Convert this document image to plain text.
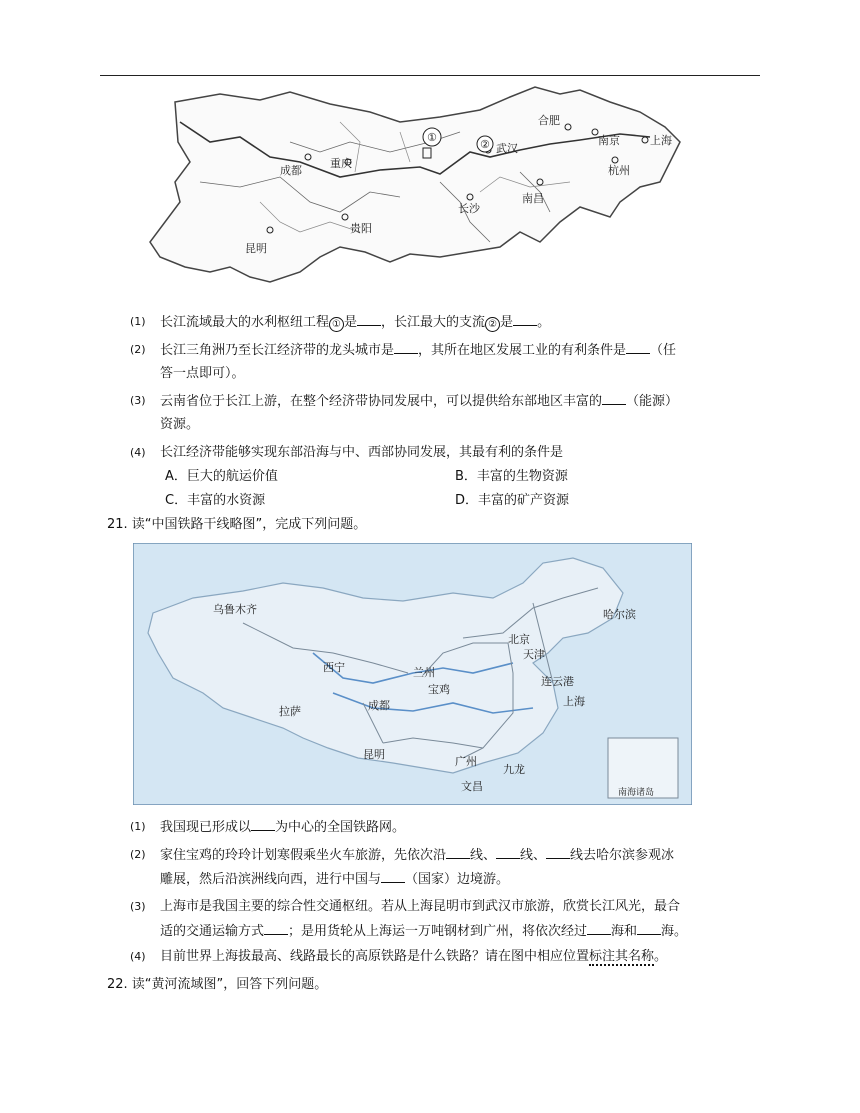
①
②
成都
重庆
武汉
合肥
南京	上海
杭州
长沙
南昌
贵阳
昆明
(1) 长江流域最大的水利枢纽工程 ① 是 ，长江最大的支流 ② 是 。
(2) 长江三角洲乃至长江经济带的龙头城市是 ，其所在地区发展工业的有利条件是 （任
答一点即可）。
(3) 云南省位于长江上游，在整个经济带协同发展中，可以提供给东部地区丰富的 （能源）
资源。
(4) 长江经济带能够实现东部沿海与中、西部协同发展，其最有利的条件是
A．巨大的航运价值	B．丰富的生物资源
C．丰富的水资源	D．丰富的矿产资源
21. 读“中国铁路干线略图”，完成下列问题。
南海诸岛
乌鲁木齐	哈尔滨
北京
天津
西宁	兰州
连云港
宝鸡
成都
拉萨
上海
昆明
广州
九龙
文昌
(1) 我国现已形成以 为中心的全国铁路网。
(2) 家住宝鸡的玲玲计划寒假乘坐火车旅游，先依次沿 线、 线、 线去哈尔滨参观冰
雕展，然后沿滨洲线向西，进行中国与 （国家）边境游。
(3) 上海市是我国主要的综合性交通枢纽。若从上海昆明市到武汉市旅游，欣赏长江风光，最合
适的交通运输方式 ；是用货轮从上海运一万吨钢材到广州，将依次经过 海和 海。
(4) 目前世界上海拔最高、线路最长的高原铁路是什么铁路？请在图中相应位置标注其名称。
22. 读“黄河流域图”，回答下列问题。
